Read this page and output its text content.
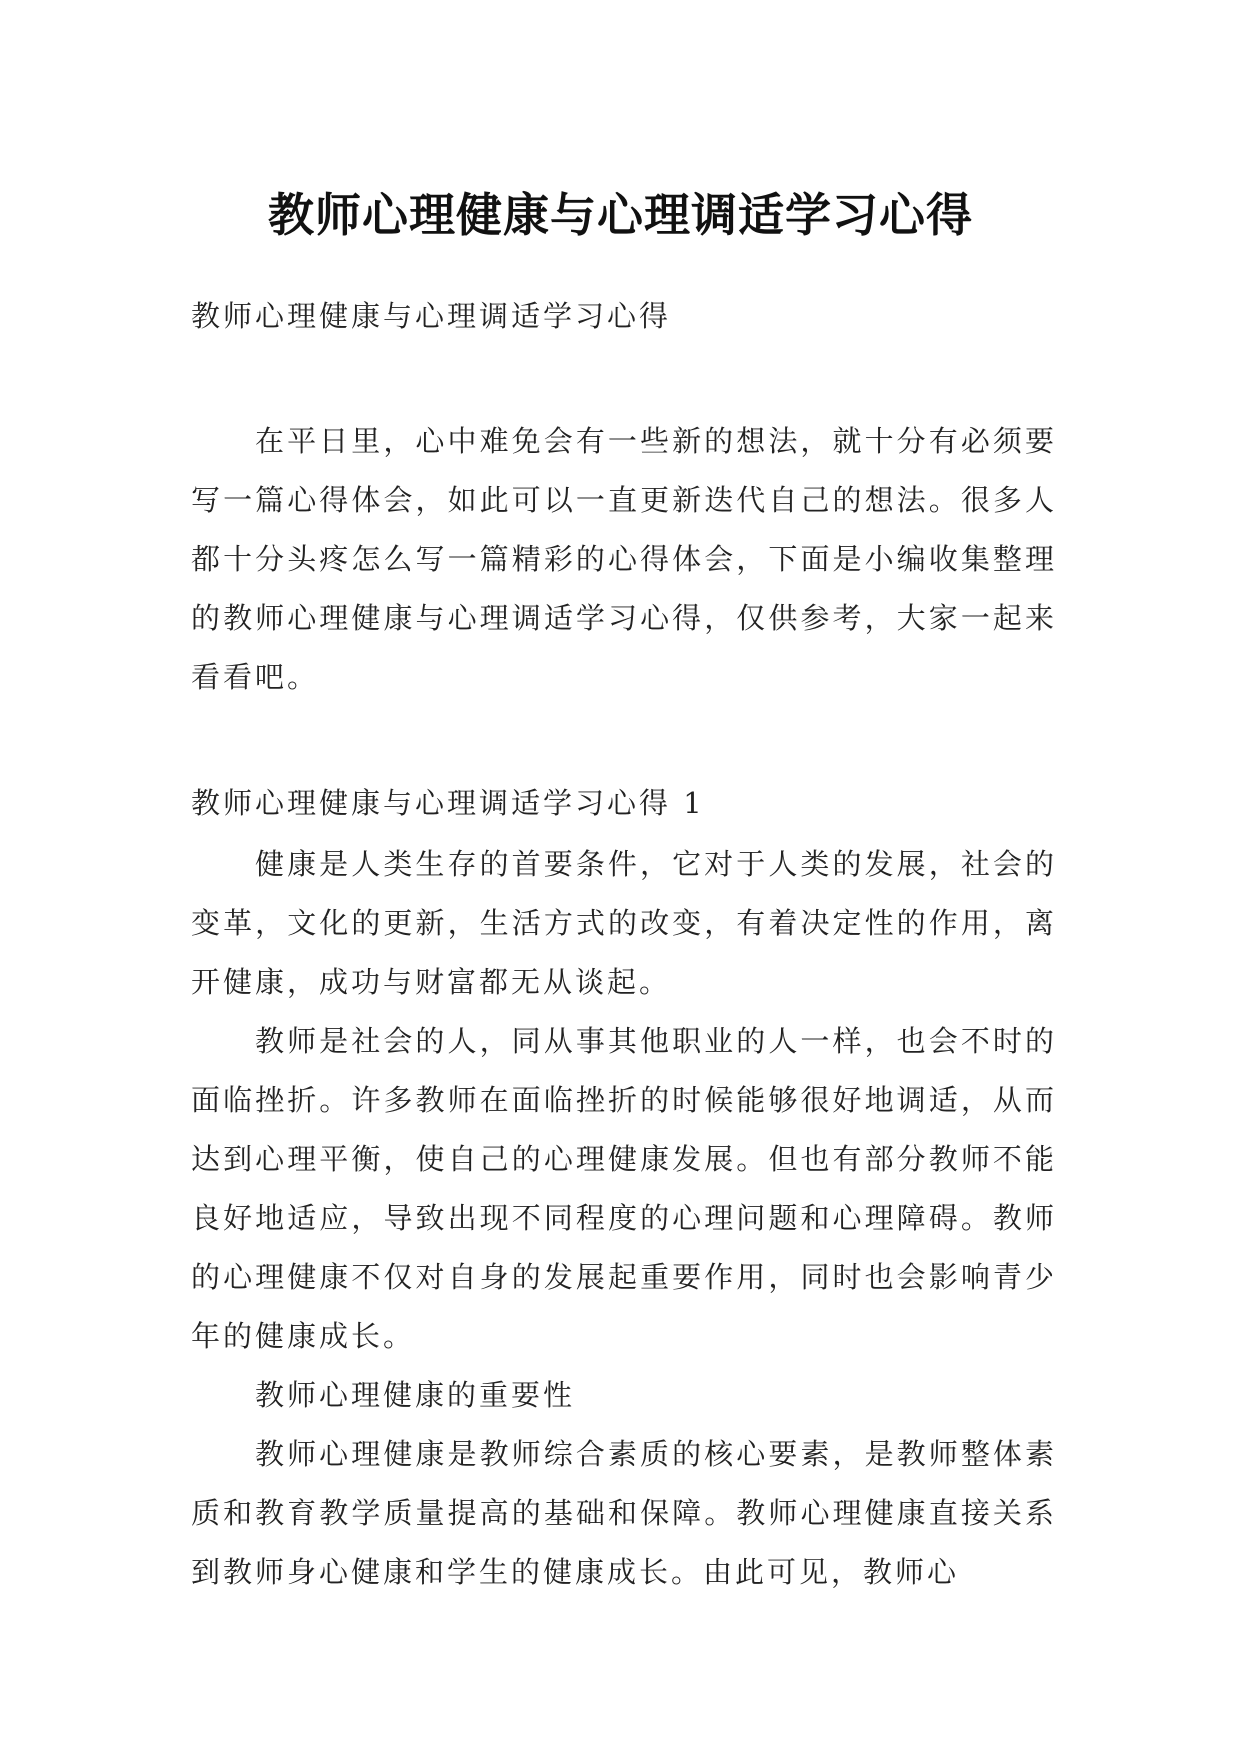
教师心理健康与心理调适学习心得

教师心理健康与心理调适学习心得

在平日里，心中难免会有一些新的想法，就十分有必须要写一篇心得体会，如此可以一直更新迭代自己的想法。很多人都十分头疼怎么写一篇精彩的心得体会，下面是小编收集整理的教师心理健康与心理调适学习心得，仅供参考，大家一起来看看吧。

教师心理健康与心理调适学习心得 1

健康是人类生存的首要条件，它对于人类的发展，社会的变革，文化的更新，生活方式的改变，有着决定性的作用，离开健康，成功与财富都无从谈起。

教师是社会的人，同从事其他职业的人一样，也会不时的面临挫折。许多教师在面临挫折的时候能够很好地调适，从而达到心理平衡，使自己的心理健康发展。但也有部分教师不能良好地适应，导致出现不同程度的心理问题和心理障碍。教师的心理健康不仅对自身的发展起重要作用，同时也会影响青少年的健康成长。

教师心理健康的重要性

教师心理健康是教师综合素质的核心要素，是教师整体素质和教育教学质量提高的基础和保障。教师心理健康直接关系到教师身心健康和学生的健康成长。由此可见，教师心
